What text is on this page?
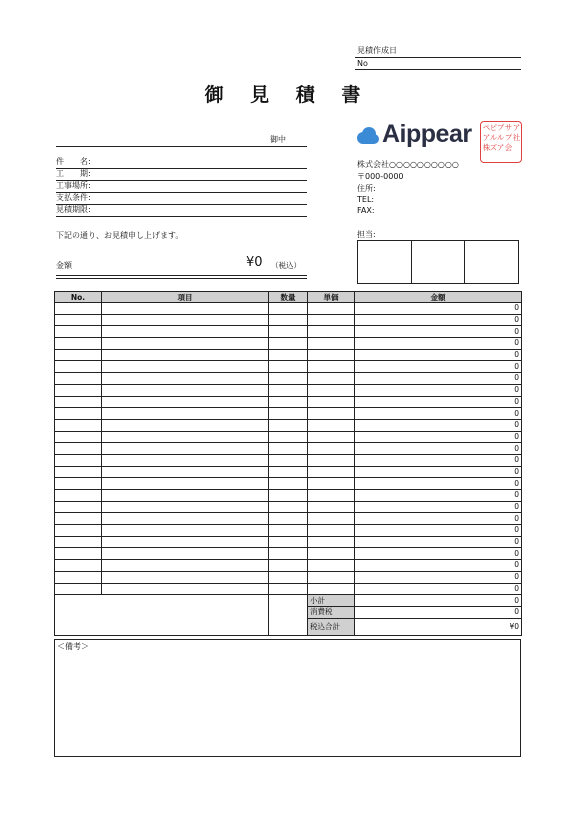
見積作成日
No
御 見 積 書
御中
件　　名:
工　　期:
工事場所:
支払条件:
見積期限:
下記の通り、お見積申し上げます。
金額	¥0 （税込）
Aippear	ア社
サプ会
ブルア
ピルズ
ペア株
株式会社○○○○○○○○○○
〒000-0000
住所:
TEL:
FAX:
担当:
No.	項目	数量	単価	金額
				0
				0
				0
				0
				0
				0
				0
				0
				0
				0
				0
				0
				0
				0
				0
				0
				0
				0
				0
				0
				0
				0
				0
				0
				0
			小計	0
			消費税	0
			税込合計	¥0
＜備考＞
